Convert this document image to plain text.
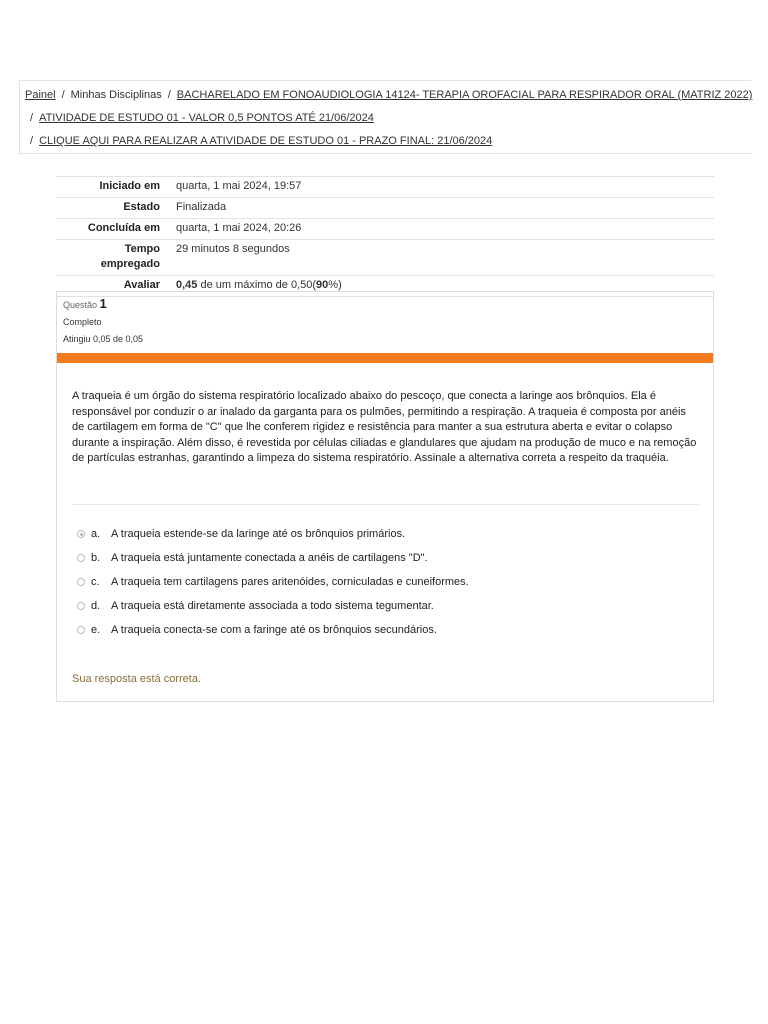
Painel / Minhas Disciplinas / BACHARELADO EM FONOAUDIOLOGIA 14124- TERAPIA OROFACIAL PARA RESPIRADOR ORAL (MATRIZ 2022)
/ ATIVIDADE DE ESTUDO 01 - VALOR 0,5 PONTOS ATÉ 21/06/2024
/ CLIQUE AQUI PARA REALIZAR A ATIVIDADE DE ESTUDO 01 - PRAZO FINAL: 21/06/2024
Iniciado em	quarta, 1 mai 2024, 19:57
Estado	Finalizada
Concluída em	quarta, 1 mai 2024, 20:26
Tempo
empregado	29 minutos 8 segundos
Avaliar	0,45 de um máximo de 0,50(90%)
Questão 1
Completo
Atingiu 0,05 de 0,05
A traqueia é um órgão do sistema respiratório localizado abaixo do pescoço, que conecta a laringe aos brônquios. Ela é
responsável por conduzir o ar inalado da garganta para os pulmões, permitindo a respiração. A traqueia é composta por anéis
de cartilagem em forma de "C" que lhe conferem rigidez e resistência para manter a sua estrutura aberta e evitar o colapso
durante a inspiração. Além disso, é revestida por células ciliadas e glandulares que ajudam na produção de muco e na remoção
de partículas estranhas, garantindo a limpeza do sistema respiratório. Assinale a alternativa correta a respeito da traquéia.
a. A traqueia estende-se da laringe até os brônquios primários.
b. A traqueia está juntamente conectada a anéis de cartilagens "D".
c.	A traqueia tem cartilagens pares aritenóides, corniculadas e cuneiformes.
d. A traqueia está diretamente associada a todo sistema tegumentar.
e. A traqueia conecta-se com a faringe até os brônquios secundários.
Sua resposta está correta.
